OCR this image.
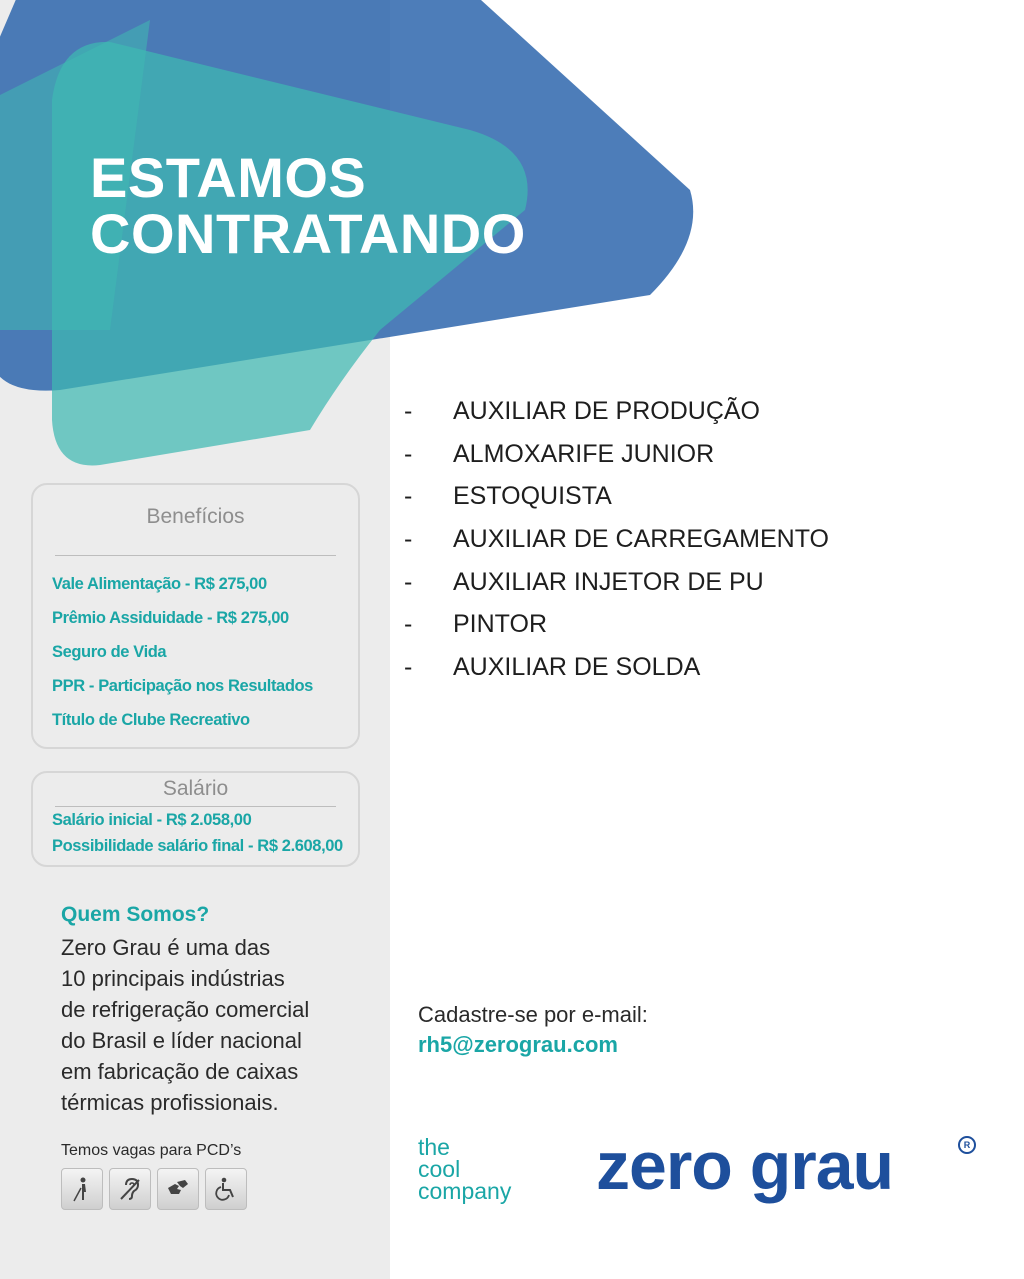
ESTAMOS
CONTRATANDO
Benefícios
Vale Alimentação - R$ 275,00
Prêmio Assiduidade - R$ 275,00
Seguro de Vida
PPR - Participação nos Resultados
Título de Clube Recreativo
Salário
Salário inicial - R$ 2.058,00
Possibilidade salário final - R$ 2.608,00
Quem Somos?
Zero Grau é uma das
10 principais indústrias
de refrigeração comercial
do Brasil e líder nacional
em fabricação de caixas
térmicas profissionais.
Temos vagas para PCD’s
- AUXILIAR DE PRODUÇÃO
- ALMOXARIFE JUNIOR
- ESTOQUISTA
- AUXILIAR DE CARREGAMENTO
- AUXILIAR INJETOR DE PU
- PINTOR
- AUXILIAR DE SOLDA
Cadastre-se por e-mail:
rh5@zerograu.com
the
cool
company zero grau	R
